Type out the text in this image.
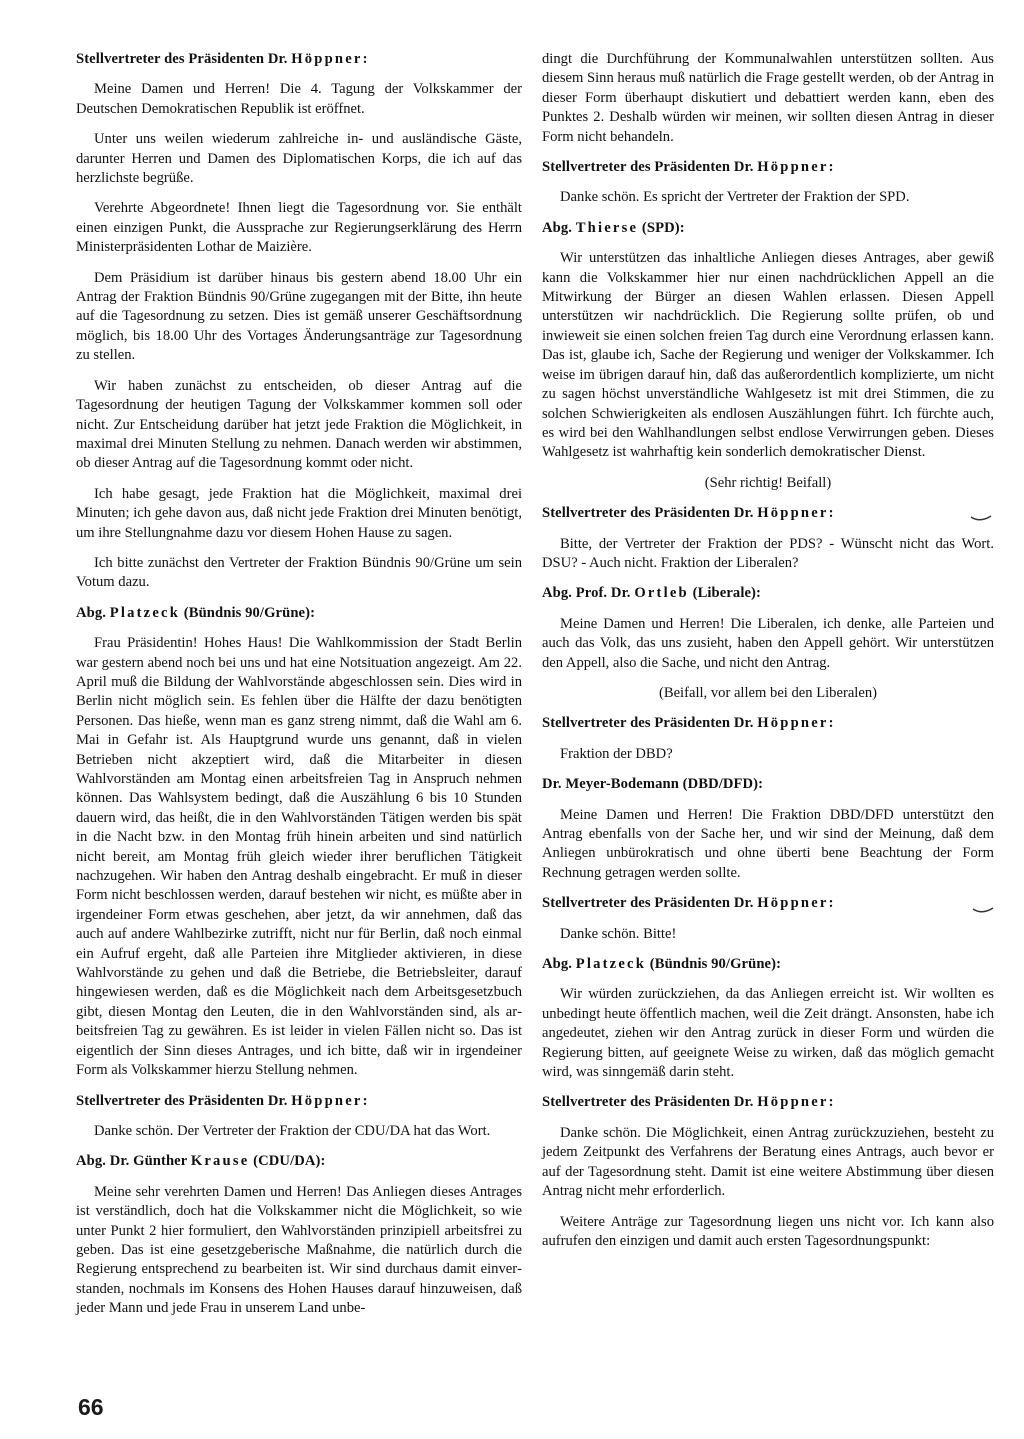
Stellvertreter des Präsidenten Dr. Höppner:
Meine Damen und Herren! Die 4. Tagung der Volkskammer der Deutschen Demokratischen Republik ist eröffnet.
Unter uns weilen wiederum zahlreiche in- und ausländische Gäste, darunter Herren und Damen des Diplomatischen Korps, die ich auf das herzlichste begrüße.
Verehrte Abgeordnete! Ihnen liegt die Tagesordnung vor. Sie enthält einen einzigen Punkt, die Aussprache zur Regierungserklärung des Herrn Ministerpräsidenten Lothar de Maizière.
Dem Präsidium ist darüber hinaus bis gestern abend 18.00 Uhr ein Antrag der Fraktion Bündnis 90/Grüne zugegangen mit der Bitte, ihn heute auf die Tagesordnung zu setzen. Dies ist gemäß unserer Geschäftsordnung möglich, bis 18.00 Uhr des Vortages Änderungsanträge zur Tagesordnung zu stellen.
Wir haben zunächst zu entscheiden, ob dieser Antrag auf die Tagesordnung der heutigen Tagung der Volkskammer kommen soll oder nicht. Zur Entscheidung darüber hat jetzt jede Fraktion die Möglichkeit, in maximal drei Minuten Stellung zu nehmen. Danach werden wir abstimmen, ob dieser Antrag auf die Tagesordnung kommt oder nicht.
Ich habe gesagt, jede Fraktion hat die Möglichkeit, maximal drei Minuten; ich gehe davon aus, daß nicht jede Fraktion drei Minuten benötigt, um ihre Stellungnahme dazu vor diesem Hohen Hause zu sagen.
Ich bitte zunächst den Vertreter der Fraktion Bündnis 90/Grüne um sein Votum dazu.
Abg. Platzeck (Bündnis 90/Grüne):
Frau Präsidentin! Hohes Haus! Die Wahlkommission der Stadt Berlin war gestern abend noch bei uns und hat eine Notsituation angezeigt. Am 22. April muß die Bildung der Wahlvorstände abgeschlossen sein. Dies wird in Berlin nicht möglich sein. Es fehlen über die Hälfte der dazu benötigten Personen. Das hieße, wenn man es ganz streng nimmt, daß die Wahl am 6. Mai in Gefahr ist. Als Hauptgrund wurde uns genannt, daß in vielen Betrieben nicht akzeptiert wird, daß die Mitarbeiter in diesen Wahlvorständen am Montag einen arbeitsfreien Tag in Anspruch nehmen können. Das Wahlsystem bedingt, daß die Auszählung 6 bis 10 Stunden dauern wird, das heißt, die in den Wahlvorständen Tätigen werden bis spät in die Nacht bzw. in den Montag früh hinein arbeiten und sind natürlich nicht bereit, am Montag früh gleich wieder ihrer beruflichen Tätigkeit nachzugehen. Wir haben den Antrag deshalb eingebracht. Er muß in dieser Form nicht beschlossen werden, darauf bestehen wir nicht, es müßte aber in irgendeiner Form etwas geschehen, aber jetzt, da wir annehmen, daß das auch auf andere Wahlbezirke zutrifft, nicht nur für Berlin, daß noch einmal ein Aufruf ergeht, daß alle Parteien ihre Mitglieder aktivieren, in diese Wahlvorstände zu gehen und daß die Betriebe, die Betriebsleiter, darauf hingewiesen werden, daß es die Möglichkeit nach dem Arbeitsgesetzbuch gibt, diesen Montag den Leuten, die in den Wahlvorständen sind, als arbeitsfreien Tag zu gewähren. Es ist leider in vielen Fällen nicht so. Das ist eigentlich der Sinn dieses Antrages, und ich bitte, daß wir in irgendeiner Form als Volkskammer hierzu Stellung nehmen.
Stellvertreter des Präsidenten Dr. Höppner:
Danke schön. Der Vertreter der Fraktion der CDU/DA hat das Wort.
Abg. Dr. Günther Krause (CDU/DA):
Meine sehr verehrten Damen und Herren! Das Anliegen dieses Antrages ist verständlich, doch hat die Volkskammer nicht die Möglichkeit, so wie unter Punkt 2 hier formuliert, den Wahlvorständen prinzipiell arbeitsfrei zu geben. Das ist eine gesetzgeberische Maßnahme, die natürlich durch die Regierung entsprechend zu bearbeiten ist. Wir sind durchaus damit einverstanden, nochmals im Konsens des Hohen Hauses darauf hinzuweisen, daß jeder Mann und jede Frau in unserem Land unbe-
dingt die Durchführung der Kommunalwahlen unterstützen sollten. Aus diesem Sinn heraus muß natürlich die Frage gestellt werden, ob der Antrag in dieser Form überhaupt diskutiert und debattiert werden kann, eben des Punktes 2. Deshalb würden wir meinen, wir sollten diesen Antrag in dieser Form nicht behandeln.
Stellvertreter des Präsidenten Dr. Höppner:
Danke schön. Es spricht der Vertreter der Fraktion der SPD.
Abg. Thierse (SPD):
Wir unterstützen das inhaltliche Anliegen dieses Antrages, aber gewiß kann die Volkskammer hier nur einen nachdrücklichen Appell an die Mitwirkung der Bürger an diesen Wahlen erlassen. Diesen Appell unterstützen wir nachdrücklich. Die Regierung sollte prüfen, ob und inwieweit sie einen solchen freien Tag durch eine Verordnung erlassen kann. Das ist, glaube ich, Sache der Regierung und weniger der Volkskammer. Ich weise im übrigen darauf hin, daß das außerordentlich komplizierte, um nicht zu sagen höchst unverständliche Wahlgesetz ist mit drei Stimmen, die zu solchen Schwierigkeiten als endlosen Auszählungen führt. Ich fürchte auch, es wird bei den Wahlhandlungen selbst endlose Verwirrungen geben. Dieses Wahlgesetz ist wahrhaftig kein sonderlich demokratischer Dienst.
(Sehr richtig! Beifall)
Stellvertreter des Präsidenten Dr. Höppner:
Bitte, der Vertreter der Fraktion der PDS? - Wünscht nicht das Wort. DSU? - Auch nicht. Fraktion der Liberalen?
Abg. Prof. Dr. Ortleb (Liberale):
Meine Damen und Herren! Die Liberalen, ich denke, alle Parteien und auch das Volk, das uns zusieht, haben den Appell gehört. Wir unterstützen den Appell, also die Sache, und nicht den Antrag.
(Beifall, vor allem bei den Liberalen)
Stellvertreter des Präsidenten Dr. Höppner:
Fraktion der DBD?
Dr. Meyer-Bodemann (DBD/DFD):
Meine Damen und Herren! Die Fraktion DBD/DFD unterstützt den Antrag ebenfalls von der Sache her, und wir sind der Meinung, daß dem Anliegen unbürokratisch und ohne überti bene Beachtung der Form Rechnung getragen werden sollte.
Stellvertreter des Präsidenten Dr. Höppner:
Danke schön. Bitte!
Abg. Platzeck (Bündnis 90/Grüne):
Wir würden zurückziehen, da das Anliegen erreicht ist. Wir wollten es unbedingt heute öffentlich machen, weil die Zeit drängt. Ansonsten, habe ich angedeutet, ziehen wir den Antrag zurück in dieser Form und würden die Regierung bitten, auf geeignete Weise zu wirken, daß das möglich gemacht wird, was sinngemäß darin steht.
Stellvertreter des Präsidenten Dr. Höppner:
Danke schön. Die Möglichkeit, einen Antrag zurückzuziehen, besteht zu jedem Zeitpunkt des Verfahrens der Beratung eines Antrags, auch bevor er auf der Tagesordnung steht. Damit ist eine weitere Abstimmung über diesen Antrag nicht mehr erforderlich.
Weitere Anträge zur Tagesordnung liegen uns nicht vor. Ich kann also aufrufen den einzigen und damit auch ersten Tagesordnungspunkt:
66
